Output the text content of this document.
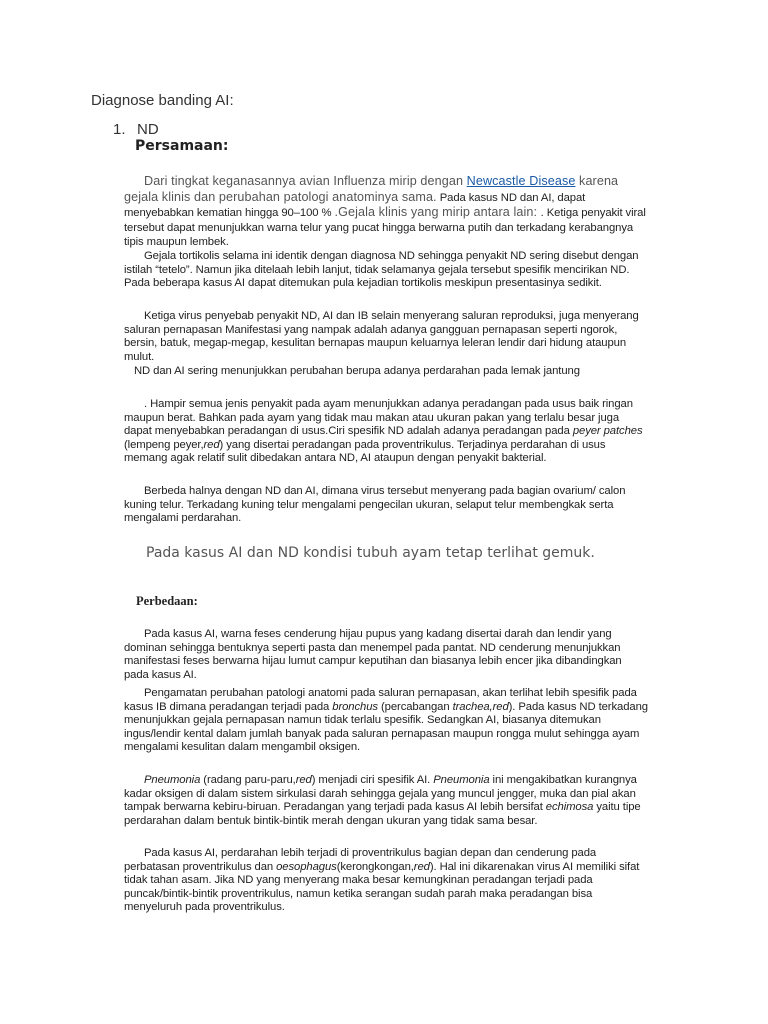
Diagnose banding AI:
1. ND
Persamaan:

Dari tingkat keganasannya avian Influenza mirip dengan Newcastle Disease karena gejala klinis dan perubahan patologi anatominya sama. Pada kasus ND dan AI, dapat menyebabkan kematian hingga 90–100 % .Gejala klinis yang mirip antara lain: . Ketiga penyakit viral tersebut dapat menunjukkan warna telur yang pucat hingga berwarna putih dan terkadang kerabangnya tipis maupun lembek.

Gejala tortikolis selama ini identik dengan diagnosa ND sehingga penyakit ND sering disebut dengan istilah “tetelo”. Namun jika ditelaah lebih lanjut, tidak selamanya gejala tersebut spesifik mencirikan ND. Pada beberapa kasus AI dapat ditemukan pula kejadian tortikolis meskipun presentasinya sedikit.

Ketiga virus penyebab penyakit ND, AI dan IB selain menyerang saluran reproduksi, juga menyerang saluran pernapasan Manifestasi yang nampak adalah adanya gangguan pernapasan seperti ngorok, bersin, batuk, megap-megap, kesulitan bernapas maupun keluarnya leleran lendir dari hidung ataupun mulut.

ND dan AI sering menunjukkan perubahan berupa adanya perdarahan pada lemak jantung

. Hampir semua jenis penyakit pada ayam menunjukkan adanya peradangan pada usus baik ringan maupun berat. Bahkan pada ayam yang tidak mau makan atau ukuran pakan yang terlalu besar juga dapat menyebabkan peradangan di usus.Ciri spesifik ND adalah adanya peradangan pada peyer patches (lempeng peyer,red) yang disertai peradangan pada proventrikulus. Terjadinya perdarahan di usus memang agak relatif sulit dibedakan antara ND, AI ataupun dengan penyakit bakterial.

Berbeda halnya dengan ND dan AI, dimana virus tersebut menyerang pada bagian ovarium/ calon kuning telur. Terkadang kuning telur mengalami pengecilan ukuran, selaput telur membengkak serta mengalami perdarahan.

Pada kasus AI dan ND kondisi tubuh ayam tetap terlihat gemuk.

Perbedaan:

Pada kasus AI, warna feses cenderung hijau pupus yang kadang disertai darah dan lendir yang dominan sehingga bentuknya seperti pasta dan menempel pada pantat. ND cenderung menunjukkan manifestasi feses berwarna hijau lumut campur keputihan dan biasanya lebih encer jika dibandingkan pada kasus AI.

Pengamatan perubahan patologi anatomi pada saluran pernapasan, akan terlihat lebih spesifik pada kasus IB dimana peradangan terjadi pada bronchus (percabangan trachea,red). Pada kasus ND terkadang menunjukkan gejala pernapasan namun tidak terlalu spesifik. Sedangkan AI, biasanya ditemukan ingus/lendir kental dalam jumlah banyak pada saluran pernapasan maupun rongga mulut sehingga ayam mengalami kesulitan dalam mengambil oksigen.

Pneumonia (radang paru-paru,red) menjadi ciri spesifik AI. Pneumonia ini mengakibatkan kurangnya kadar oksigen di dalam sistem sirkulasi darah sehingga gejala yang muncul jengger, muka dan pial akan tampak berwarna kebiru-biruan. Peradangan yang terjadi pada kasus AI lebih bersifat echimosa yaitu tipe perdarahan dalam bentuk bintik-bintik merah dengan ukuran yang tidak sama besar.

Pada kasus AI, perdarahan lebih terjadi di proventrikulus bagian depan dan cenderung pada perbatasan proventrikulus dan oesophagus(kerongkongan,red). Hal ini dikarenakan virus AI memiliki sifat tidak tahan asam. Jika ND yang menyerang maka besar kemungkinan peradangan terjadi pada puncak/bintik-bintik proventrikulus, namun ketika serangan sudah parah maka peradangan bisa menyeluruh pada proventrikulus.
